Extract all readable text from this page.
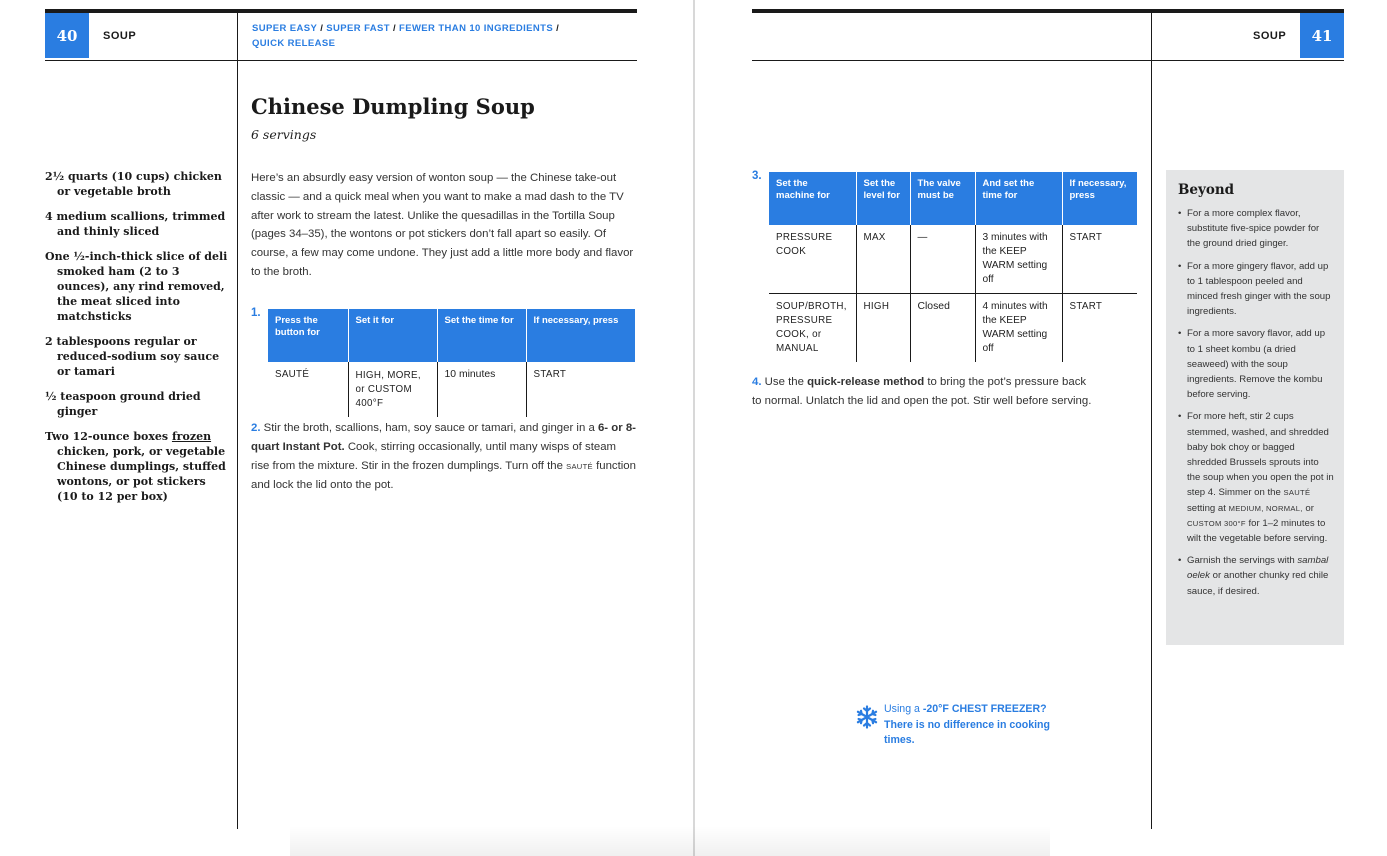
40	SOUP
SUPER EASY / SUPER FAST / FEWER THAN 10 INGREDIENTS /
QUICK RELEASE
Chinese Dumpling Soup
6 servings
2½ quarts (10 cups) chicken or vegetable broth
4 medium scallions, trimmed and thinly sliced
One ½-inch-thick slice of deli smoked ham (2 to 3 ounces), any rind removed, the meat sliced into matchsticks
2 tablespoons regular or reduced-sodium soy sauce or tamari
½ teaspoon ground dried ginger
Two 12-ounce boxes frozen chicken, pork, or vegetable Chinese dumplings, stuffed wontons, or pot stickers (10 to 12 per box)
Here’s an absurdly easy version of wonton soup — the Chinese take-out classic — and a quick meal when you want to make a mad dash to the TV after work to stream the latest. Unlike the quesadillas in the Tortilla Soup (pages 34–35), the wontons or pot stickers don’t fall apart so easily. Of course, a few may come undone. They just add a little more body and flavor to the broth.
1.
Press the button for	Set it for	Set the time for	If necessary, press
SAUTÉ	HIGH, MORE, or CUSTOM 400°F	10 minutes	START
2. Stir the broth, scallions, ham, soy sauce or tamari, and ginger in a 6- or 8-quart Instant Pot. Cook, stirring occasionally, until many wisps of steam rise from the mixture. Stir in the frozen dumplings. Turn off the SAUTÉ function and lock the lid onto the pot.
SOUP	41
3.
Set the machine for	Set the level for	The valve must be	And set the time for	If necessary, press
PRESSURE COOK	MAX	—	3 minutes with the KEEP WARM setting off	START
SOUP/BROTH, PRESSURE COOK, or MANUAL	HIGH	Closed	4 minutes with the KEEP WARM setting off	START
4. Use the quick-release method to bring the pot’s pressure back to normal. Unlatch the lid and open the pot. Stir well before serving.
Beyond
• For a more complex flavor, substitute five-spice powder for the ground dried ginger.
• For a more gingery flavor, add up to 1 tablespoon peeled and minced fresh ginger with the soup ingredients.
• For a more savory flavor, add up to 1 sheet kombu (a dried seaweed) with the soup ingredients. Remove the kombu before serving.
• For more heft, stir 2 cups stemmed, washed, and shredded baby bok choy or bagged shredded Brussels sprouts into the soup when you open the pot in step 4. Simmer on the SAUTÉ setting at MEDIUM, NORMAL, or CUSTOM 300°F for 1–2 minutes to wilt the vegetable before serving.
• Garnish the servings with sambal oelek or another chunky red chile sauce, if desired.
Using a -20°F CHEST FREEZER? There is no difference in cooking times.
